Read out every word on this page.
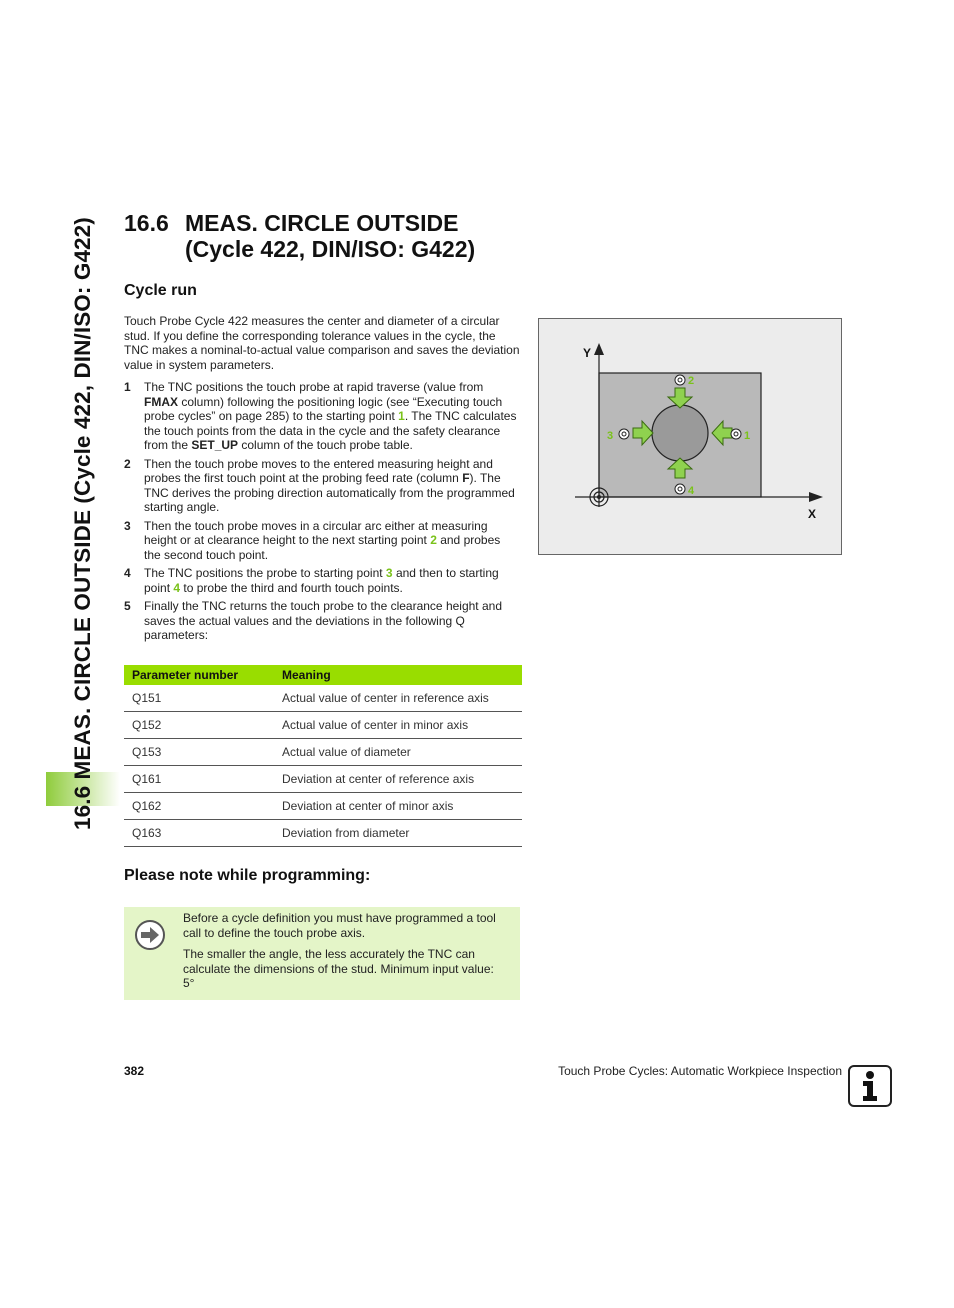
16.6 MEAS. CIRCLE OUTSIDE (Cycle 422, DIN/ISO: G422) 16.6 MEAS. CIRCLE OUTSIDE
(Cycle 422, DIN/ISO: G422)
Cycle run

Touch Probe Cycle 422 measures the center and diameter of a circular stud. If you define the corresponding tolerance values in the cycle, the TNC makes a nominal-to-actual value comparison and saves the deviation value in system parameters.

1	The TNC positions the touch probe at rapid traverse (value from FMAX column) following the positioning logic (see “Executing touch probe cycles” on page 285) to the starting point 1. The TNC calculates the touch points from the data in the cycle and the safety clearance from the SET_UP column of the touch probe table.
2	Then the touch probe moves to the entered measuring height and probes the first touch point at the probing feed rate (column F). The TNC derives the probing direction automatically from the programmed starting angle.
3	Then the touch probe moves in a circular arc either at measuring height or at clearance height to the next starting point 2 and probes the second touch point.
4	The TNC positions the probe to starting point 3 and then to starting point 4 to probe the third and fourth touch points.
5	Finally the TNC returns the touch probe to the clearance height and saves the actual values and the deviations in the following Q parameters:
Parameter number	Meaning
Q151	Actual value of center in reference axis
Q152	Actual value of center in minor axis
Q153	Actual value of diameter
Q161	Deviation at center of reference axis
Q162	Deviation at center of minor axis
Q163	Deviation from diameter
Please note while programming:

Before a cycle definition you must have programmed a tool call to define the touch probe axis.

The smaller the angle, the less accurately the TNC can calculate the dimensions of the stud. Minimum input value: 5°

Y
X
1
2
3
4
382	Touch Probe Cycles: Automatic Workpiece Inspection
